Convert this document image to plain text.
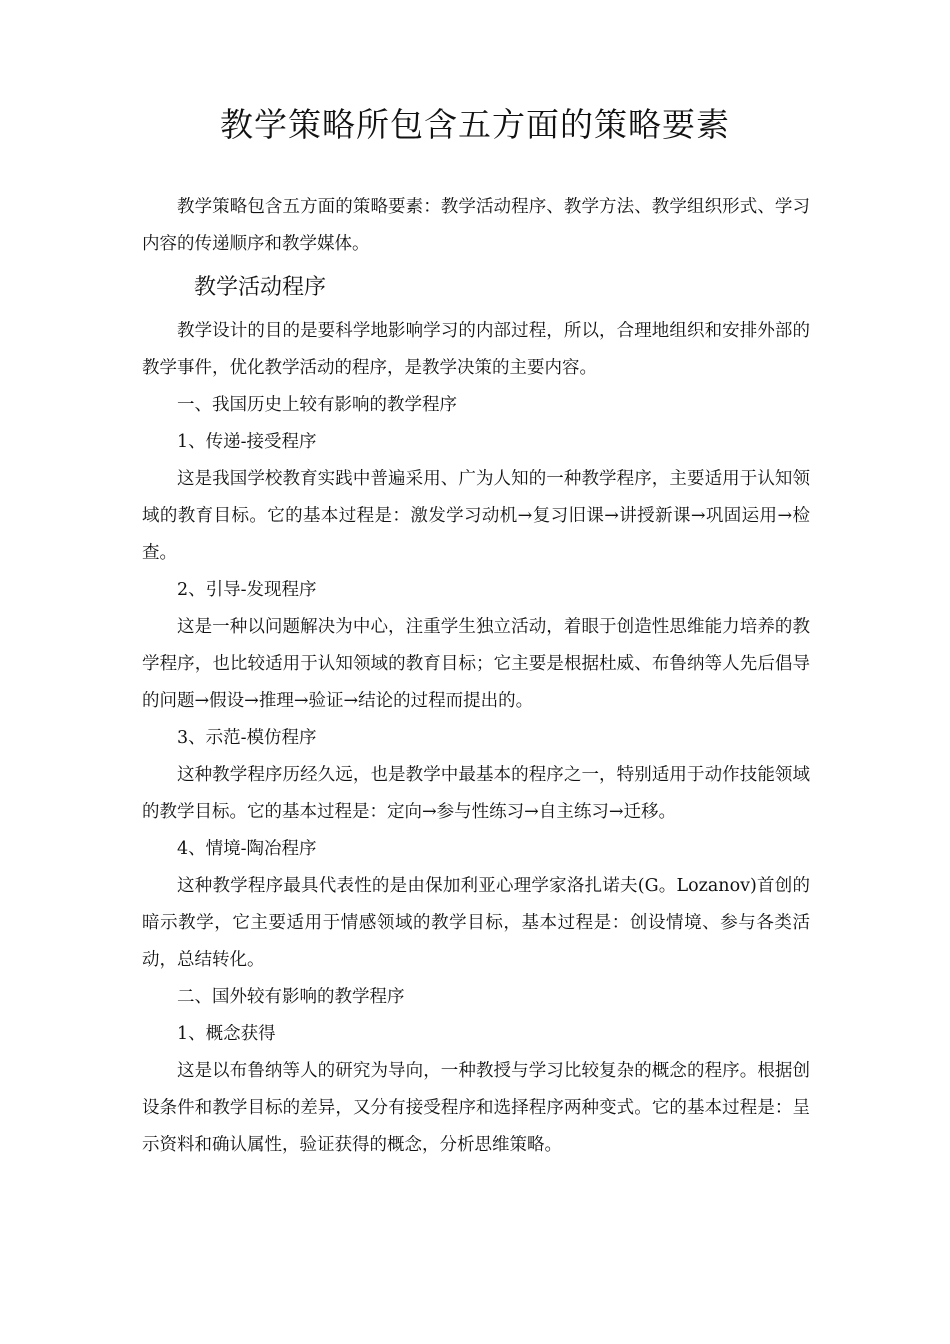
教学策略所包含五方面的策略要素

教学策略包含五方面的策略要素：教学活动程序、教学方法、教学组织形式、学习内容的传递顺序和教学媒体。

教学活动程序

教学设计的目的是要科学地影响学习的内部过程，所以，合理地组织和安排外部的教学事件，优化教学活动的程序，是教学决策的主要内容。

一、我国历史上较有影响的教学程序

1、传递-接受程序

这是我国学校教育实践中普遍采用、广为人知的一种教学程序，主要适用于认知领域的教育目标。它的基本过程是：激发学习动机→复习旧课→讲授新课→巩固运用→检查。

2、引导-发现程序

这是一种以问题解决为中心，注重学生独立活动，着眼于创造性思维能力培养的教学程序，也比较适用于认知领域的教育目标；它主要是根据杜威、布鲁纳等人先后倡导的问题→假设→推理→验证→结论的过程而提出的。

3、示范-模仿程序

这种教学程序历经久远，也是教学中最基本的程序之一，特别适用于动作技能领域的教学目标。它的基本过程是：定向→参与性练习→自主练习→迁移。

4、情境-陶冶程序

这种教学程序最具代表性的是由保加利亚心理学家洛扎诺夫(G。Lozanov)首创的暗示教学，它主要适用于情感领域的教学目标，基本过程是：创设情境、参与各类活动，总结转化。

二、国外较有影响的教学程序

1、概念获得

这是以布鲁纳等人的研究为导向，一种教授与学习比较复杂的概念的程序。根据创设条件和教学目标的差异，又分有接受程序和选择程序两种变式。它的基本过程是：呈示资料和确认属性，验证获得的概念，分析思维策略。
